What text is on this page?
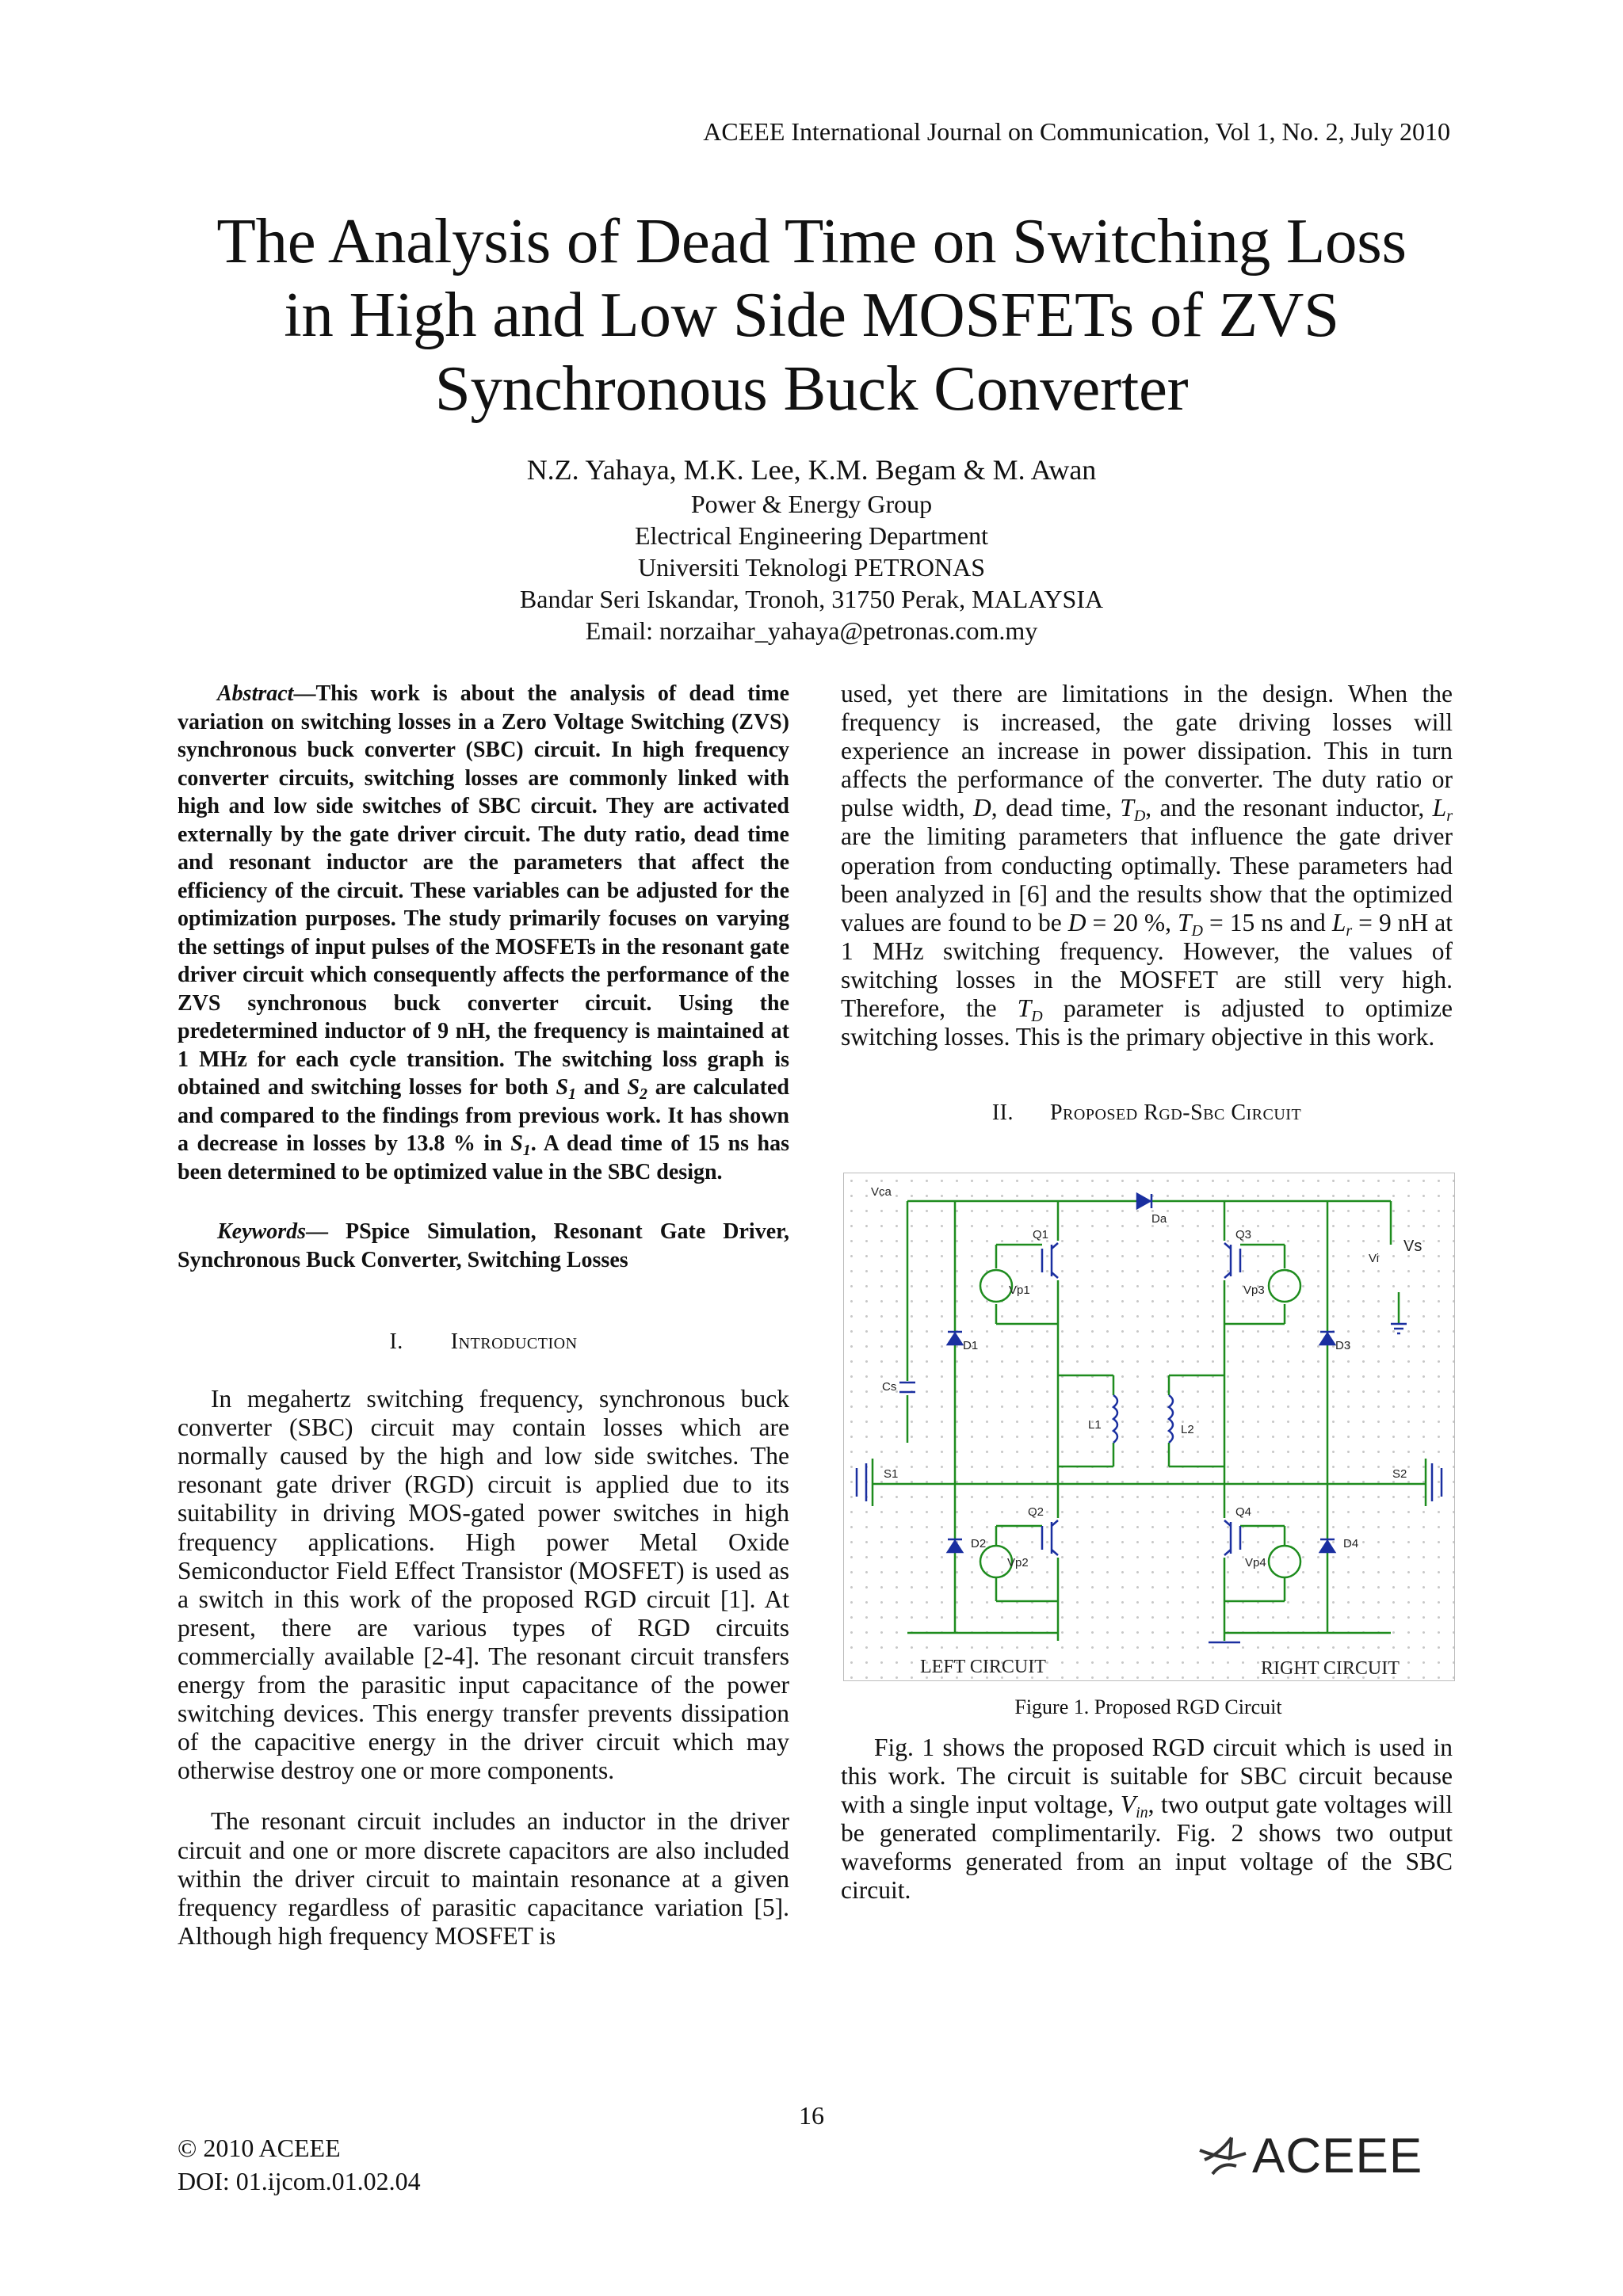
ACEEE International Journal on Communication, Vol 1, No. 2, July 2010
The Analysis of Dead Time on Switching Loss
in High and Low Side MOSFETs of ZVS
Synchronous Buck Converter
N.Z. Yahaya, M.K. Lee, K.M. Begam & M. Awan
Power & Energy Group
Electrical Engineering Department
Universiti Teknologi PETRONAS
Bandar Seri Iskandar, Tronoh, 31750 Perak, MALAYSIA
Email: norzaihar_yahaya@petronas.com.my

Abstract—This work is about the analysis of dead time variation on switching losses in a Zero Voltage Switching (ZVS) synchronous buck converter (SBC) circuit. In high frequency converter circuits, switching losses are commonly linked with high and low side switches of SBC circuit. They are activated externally by the gate driver circuit. The duty ratio, dead time and resonant inductor are the parameters that affect the efficiency of the circuit. These variables can be adjusted for the optimization purposes. The study primarily focuses on varying the settings of input pulses of the MOSFETs in the resonant gate driver circuit which consequently affects the performance of the ZVS synchronous buck converter circuit. Using the predetermined inductor of 9 nH, the frequency is maintained at 1 MHz for each cycle transition. The switching loss graph is obtained and switching losses for both $S_1$ and $S_2$ are calculated and compared to the findings from previous work. It has shown a decrease in losses by 13.8 % in $S_1$. A dead time of 15 ns has been determined to be optimized value in the SBC design.

Keywords— PSpice Simulation, Resonant Gate Driver, Synchronous Buck Converter, Switching Losses

I. Introduction

In megahertz switching frequency, synchronous buck converter (SBC) circuit may contain losses which are normally caused by the high and low side switches. The resonant gate driver (RGD) circuit is applied due to its suitability in driving MOS-gated power switches in high frequency applications. High power Metal Oxide Semiconductor Field Effect Transistor (MOSFET) is used as a switch in this work of the proposed RGD circuit [1]. At present, there are various types of RGD circuits commercially available [2-4]. The resonant circuit transfers energy from the parasitic input capacitance of the power switching devices. This energy transfer prevents dissipation of the capacitive energy in the driver circuit which may otherwise destroy one or more components.

The resonant circuit includes an inductor in the driver circuit and one or more discrete capacitors are also included within the driver circuit to maintain resonance at a given frequency regardless of parasitic capacitance variation [5]. Although high frequency MOSFET is

used, yet there are limitations in the design. When the frequency is increased, the gate driving losses will experience an increase in power dissipation. This in turn affects the performance of the converter. The duty ratio or pulse width, D, dead time, $T_D$, and the resonant inductor, $L_r$ are the limiting parameters that influence the gate driver operation from conducting optimally. These parameters had been analyzed in [6] and the results show that the optimized values are found to be D = 20 %, $T_D = 15$ ns and $L_r = 9$ nH at 1 MHz switching frequency. However, the values of switching losses in the MOSFET are still very high. Therefore, the $T_D$ parameter is adjusted to optimize switching losses. This is the primary objective in this work.

II. Proposed Rgd-Sbc Circuit
Vca
Da
Q1	Q3
Vs
Vi
Vp1	Vp3
D1	D3
Cs
L1	L2
S1	S2
Q2	Q4
D2	D4
Vp2	Vp4
LEFT CIRCUIT	RIGHT CIRCUIT
Figure 1. Proposed RGD Circuit

Fig. 1 shows the proposed RGD circuit which is used in this work. The circuit is suitable for SBC circuit because with a single input voltage, $V_{in}$, two output gate voltages will be generated complimentarily. Fig. 2 shows two output waveforms generated from an input voltage of the SBC circuit.

16
© 2010 ACEEE
DOI: 01.ijcom.01.02.04	ACEEE
